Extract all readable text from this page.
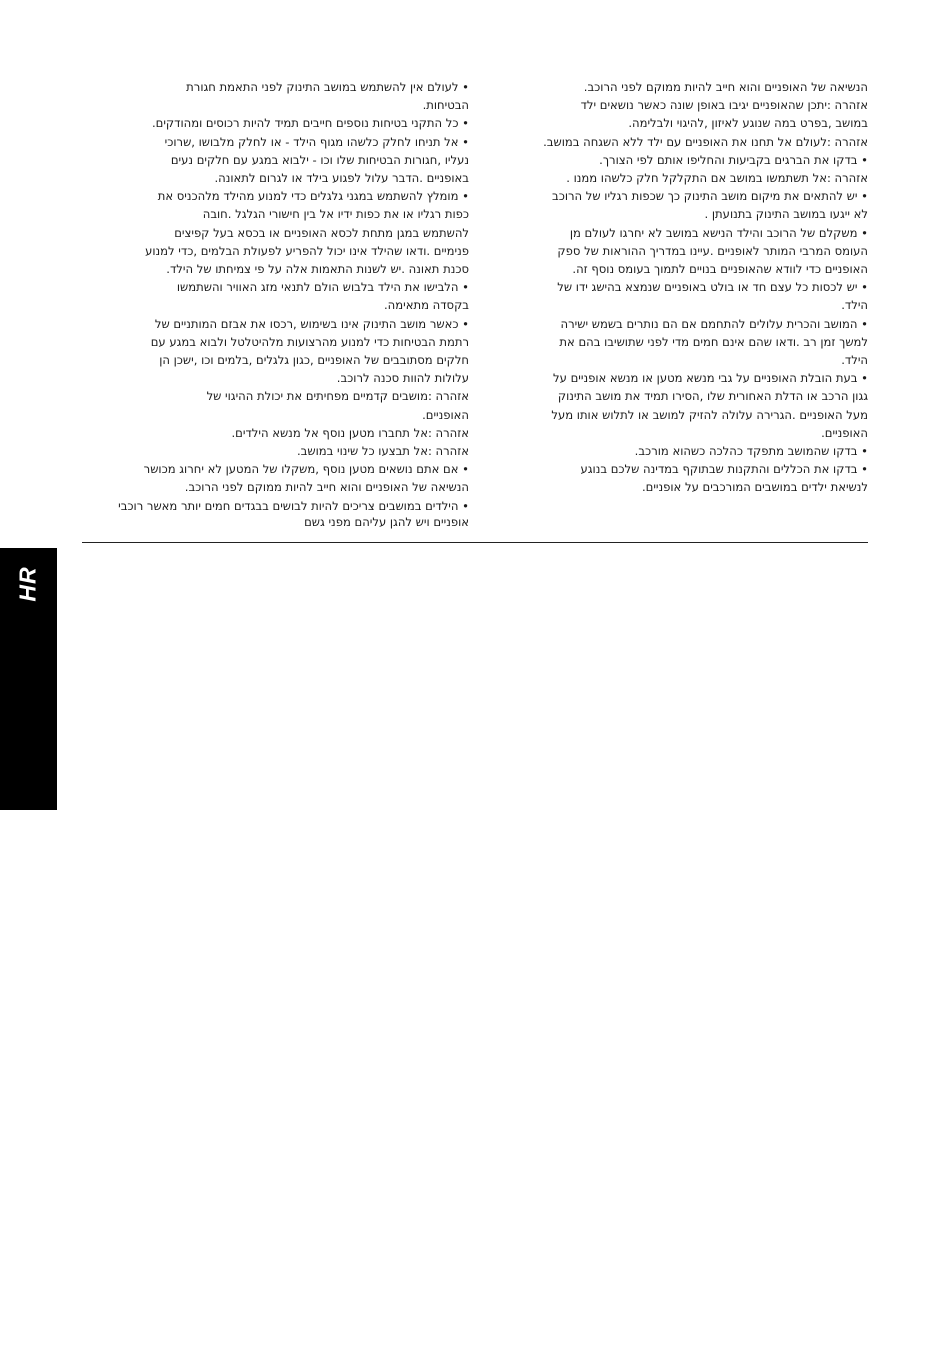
הנשיאה של האופניים והוא חייב להיות ממוקם לפני הרוכב.
אזהרה :יתכן שהאופניים יגיבו באופן שונה כאשר נושאים ילד
במושב ,בפרט במה שנוגע לאיזון ,להיגוי ולבלימה.
אזהרה :לעולם אל תחנו את האופניים עם ילד ללא השגחה במושב.
• בדקו את הברגים בקביעות והחליפו אותם לפי הצורך.
אזהרה :אל תשתמשו במושב אם התקלקל חלק כלשהו ממנו .
• יש להתאים את מיקום מושב התינוק כך שכפות רגליו של הרוכב
לא ייגעו במושב התינוק בתנועתן .
• משקלם של הרוכב והילד הנישא במושב לא יחרגו לעולם מן
העומס המרבי המותר לאופניים .עיינו במדריך ההוראות של ספק
האופניים כדי לוודא שהאופניים בנויים לתמוך בעומס נוסף זה.
• יש לכסות כל עצם חד או בולט באופניים שנמצא בהישג ידו של
הילד.
• המושב והכרית עלולים להתחמם אם הם נותרים בשמש ישירה
למשך זמן רב .ודאו שהם אינם חמים מדי לפני שתושיבו בהם את
הילד.
• בעת הובלת האופניים על גבי מנשא מטען או מנשא אופניים על
גגון הרכב או הדלת האחורית שלו ,הסירו תמיד את מושב התינוק
מעל האופניים .הגרירה עלולה להזיק למושב או לתלוש אותו מעל
האופניים.
• בדקו שהמושב מתפקד כהלכה כשהוא מורכב.
• בדקו את הכללים והתקנות שבתוקף במדינה שלכם בנוגע
לנשיאת ילדים במושבים המורכבים על אופניים.
• לעולם אין להשתמש במושב התינוק לפני התאמת חגורת
הבטיחות.
• כל התקני בטיחות נוספים חייבים תמיד להיות רכוסים ומהודקים.
• אל תניחו לחלק כלשהו מגוף הילד - או לחלק מלבושו ,שרוכי
נעליו ,חגורות הבטיחות שלו וכו - ילבוא במגע עם חלקים נעים
באופניים .הדבר עלול לפגוע בילד או לגרום לתאונה.
• מומלץ להשתמש במגני גלגלים כדי למנוע מהילד מלהכניס את
כפות רגליו או את כפות ידיו אל בין חישורי הגלגל .חובה
להשתמש במגן מתחת לכסא האופניים או בכסא בעל קפיצים
פנימיים .ודאו שהילד אינו יכול להפריע לפעולת הבלמים ,כדי למנוע
סכנת תאונה .יש לשנות התאמות אלה על פי צמיחתו של הילד.
• הלבישו את הילד בלבוש הולם לתנאי מזג האוויר והשתמשו
בקסדה מתאימה.
• כאשר מושב התינוק אינו בשימוש ,רכסו את אבזם המותניים של
רתמת הבטיחות כדי למנוע מהרצועות מלהיטלטל ולבוא במגע עם
חלקים מסתובבים של האופניים ,כגון גלגלים ,בלמים וכו ,ישכן הן
עלולות להוות סכנה לרוכב.
אזהרה :מושבים קדמיים מפחיתים את יכולת ההיגוי של
האופניים.
אזהרה :אל תחברו מטען נוסף אל מנשא הילדים.
אזהרה :אל תבצעו כל שינוי במושב.
• אם אתם נושאים מטען נוסף ,משקלו של המטען לא יחרוג מכושר
הנשיאה של האופניים והוא חייב להיות ממוקם לפני הרוכב.
• הילדים במושבים צריכים להיות לבושים בבגדים חמים יותר מאשר רוכבי
אופניים ויש להגן עליהם מפני גשם
HR
